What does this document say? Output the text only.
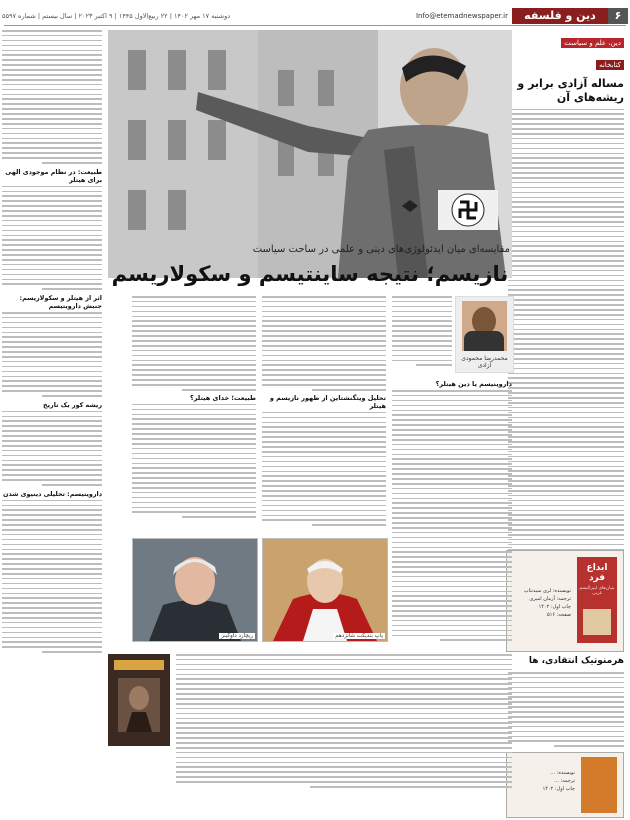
۶
دین و فلسفه
Info@etemadnewspaper.ir
دوشنبه ۱۷ مهر ۱۴۰۲ | ۲۲ ربیع‌الاول ۱۴۴۵ | ۹ اکتبر ۲۰۲۳ | سال بیستم | شماره ۵۵۹۷
دین، علم و سیاست
کتابخانه
مساله آزادی برابر و ریشه‌های آن
ابداع فرد
بنیان‌های لیبرالیسم غربی
نویسنده: لری سیدنتاپ
ترجمه: آرمان امیری
چاپ اول: ۱۴۰۲
صفحه: ۵۱۶
هرمنوتیک انتقادی، ها
نویسنده: ...
ترجمه: ...
چاپ اول: ۱۴۰۲
مقایسه‌ای میان ایدئولوژی‌های دینی و علمی در ساحت سیاست
نازیسم؛ نتیجه ساینتیسم و سکولاریسم
محمدرضا محمودی آزادی
داروینیسم یا دین هیتلر؟
تحلیل ویتگنشتاین از ظهور نازیسم و هیتلر
طبیعت؛ خدای هیتلر؟
پاپ بندیکت شانزدهم
ریچارد داوکینز
طبیعت: در نظام موجودی الهی برای هیتلر
اثر از هیتلر و سکولاریسم: جنبش داروینیسم
ریشه کور یک تاریخ
داروینیسم: تحلیلی دینیوی شدن
